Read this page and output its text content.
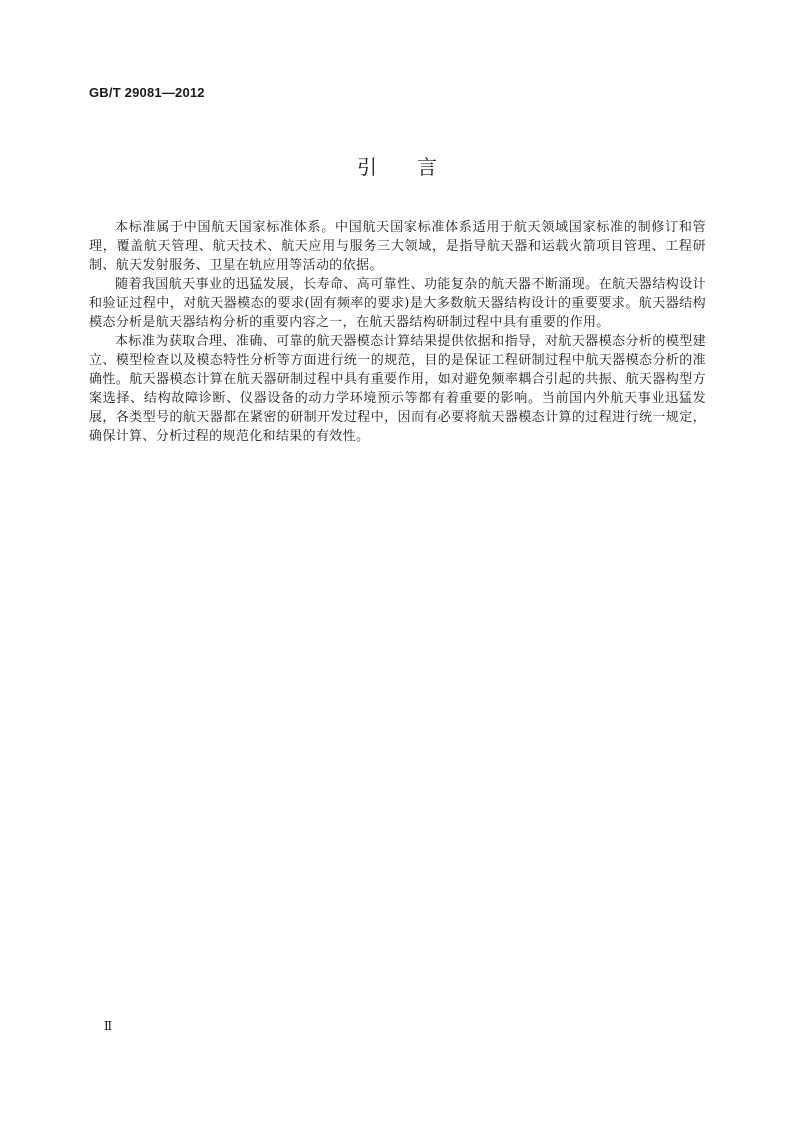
GB/T 29081—2012
引言

本标准属于中国航天国家标准体系。中国航天国家标准体系适用于航天领域国家标准的制修订和管理，覆盖航天管理、航天技术、航天应用与服务三大领域，是指导航天器和运载火箭项目管理、工程研制、航天发射服务、卫星在轨应用等活动的依据。

随着我国航天事业的迅猛发展，长寿命、高可靠性、功能复杂的航天器不断涌现。在航天器结构设计和验证过程中，对航天器模态的要求(固有频率的要求)是大多数航天器结构设计的重要要求。航天器结构模态分析是航天器结构分析的重要内容之一，在航天器结构研制过程中具有重要的作用。

本标准为获取合理、准确、可靠的航天器模态计算结果提供依据和指导，对航天器模态分析的模型建立、模型检查以及模态特性分析等方面进行统一的规范，目的是保证工程研制过程中航天器模态分析的准确性。航天器模态计算在航天器研制过程中具有重要作用，如对避免频率耦合引起的共振、航天器构型方案选择、结构故障诊断、仪器设备的动力学环境预示等都有着重要的影响。当前国内外航天事业迅猛发展，各类型号的航天器都在紧密的研制开发过程中，因而有必要将航天器模态计算的过程进行统一规定，确保计算、分析过程的规范化和结果的有效性。

Ⅱ
